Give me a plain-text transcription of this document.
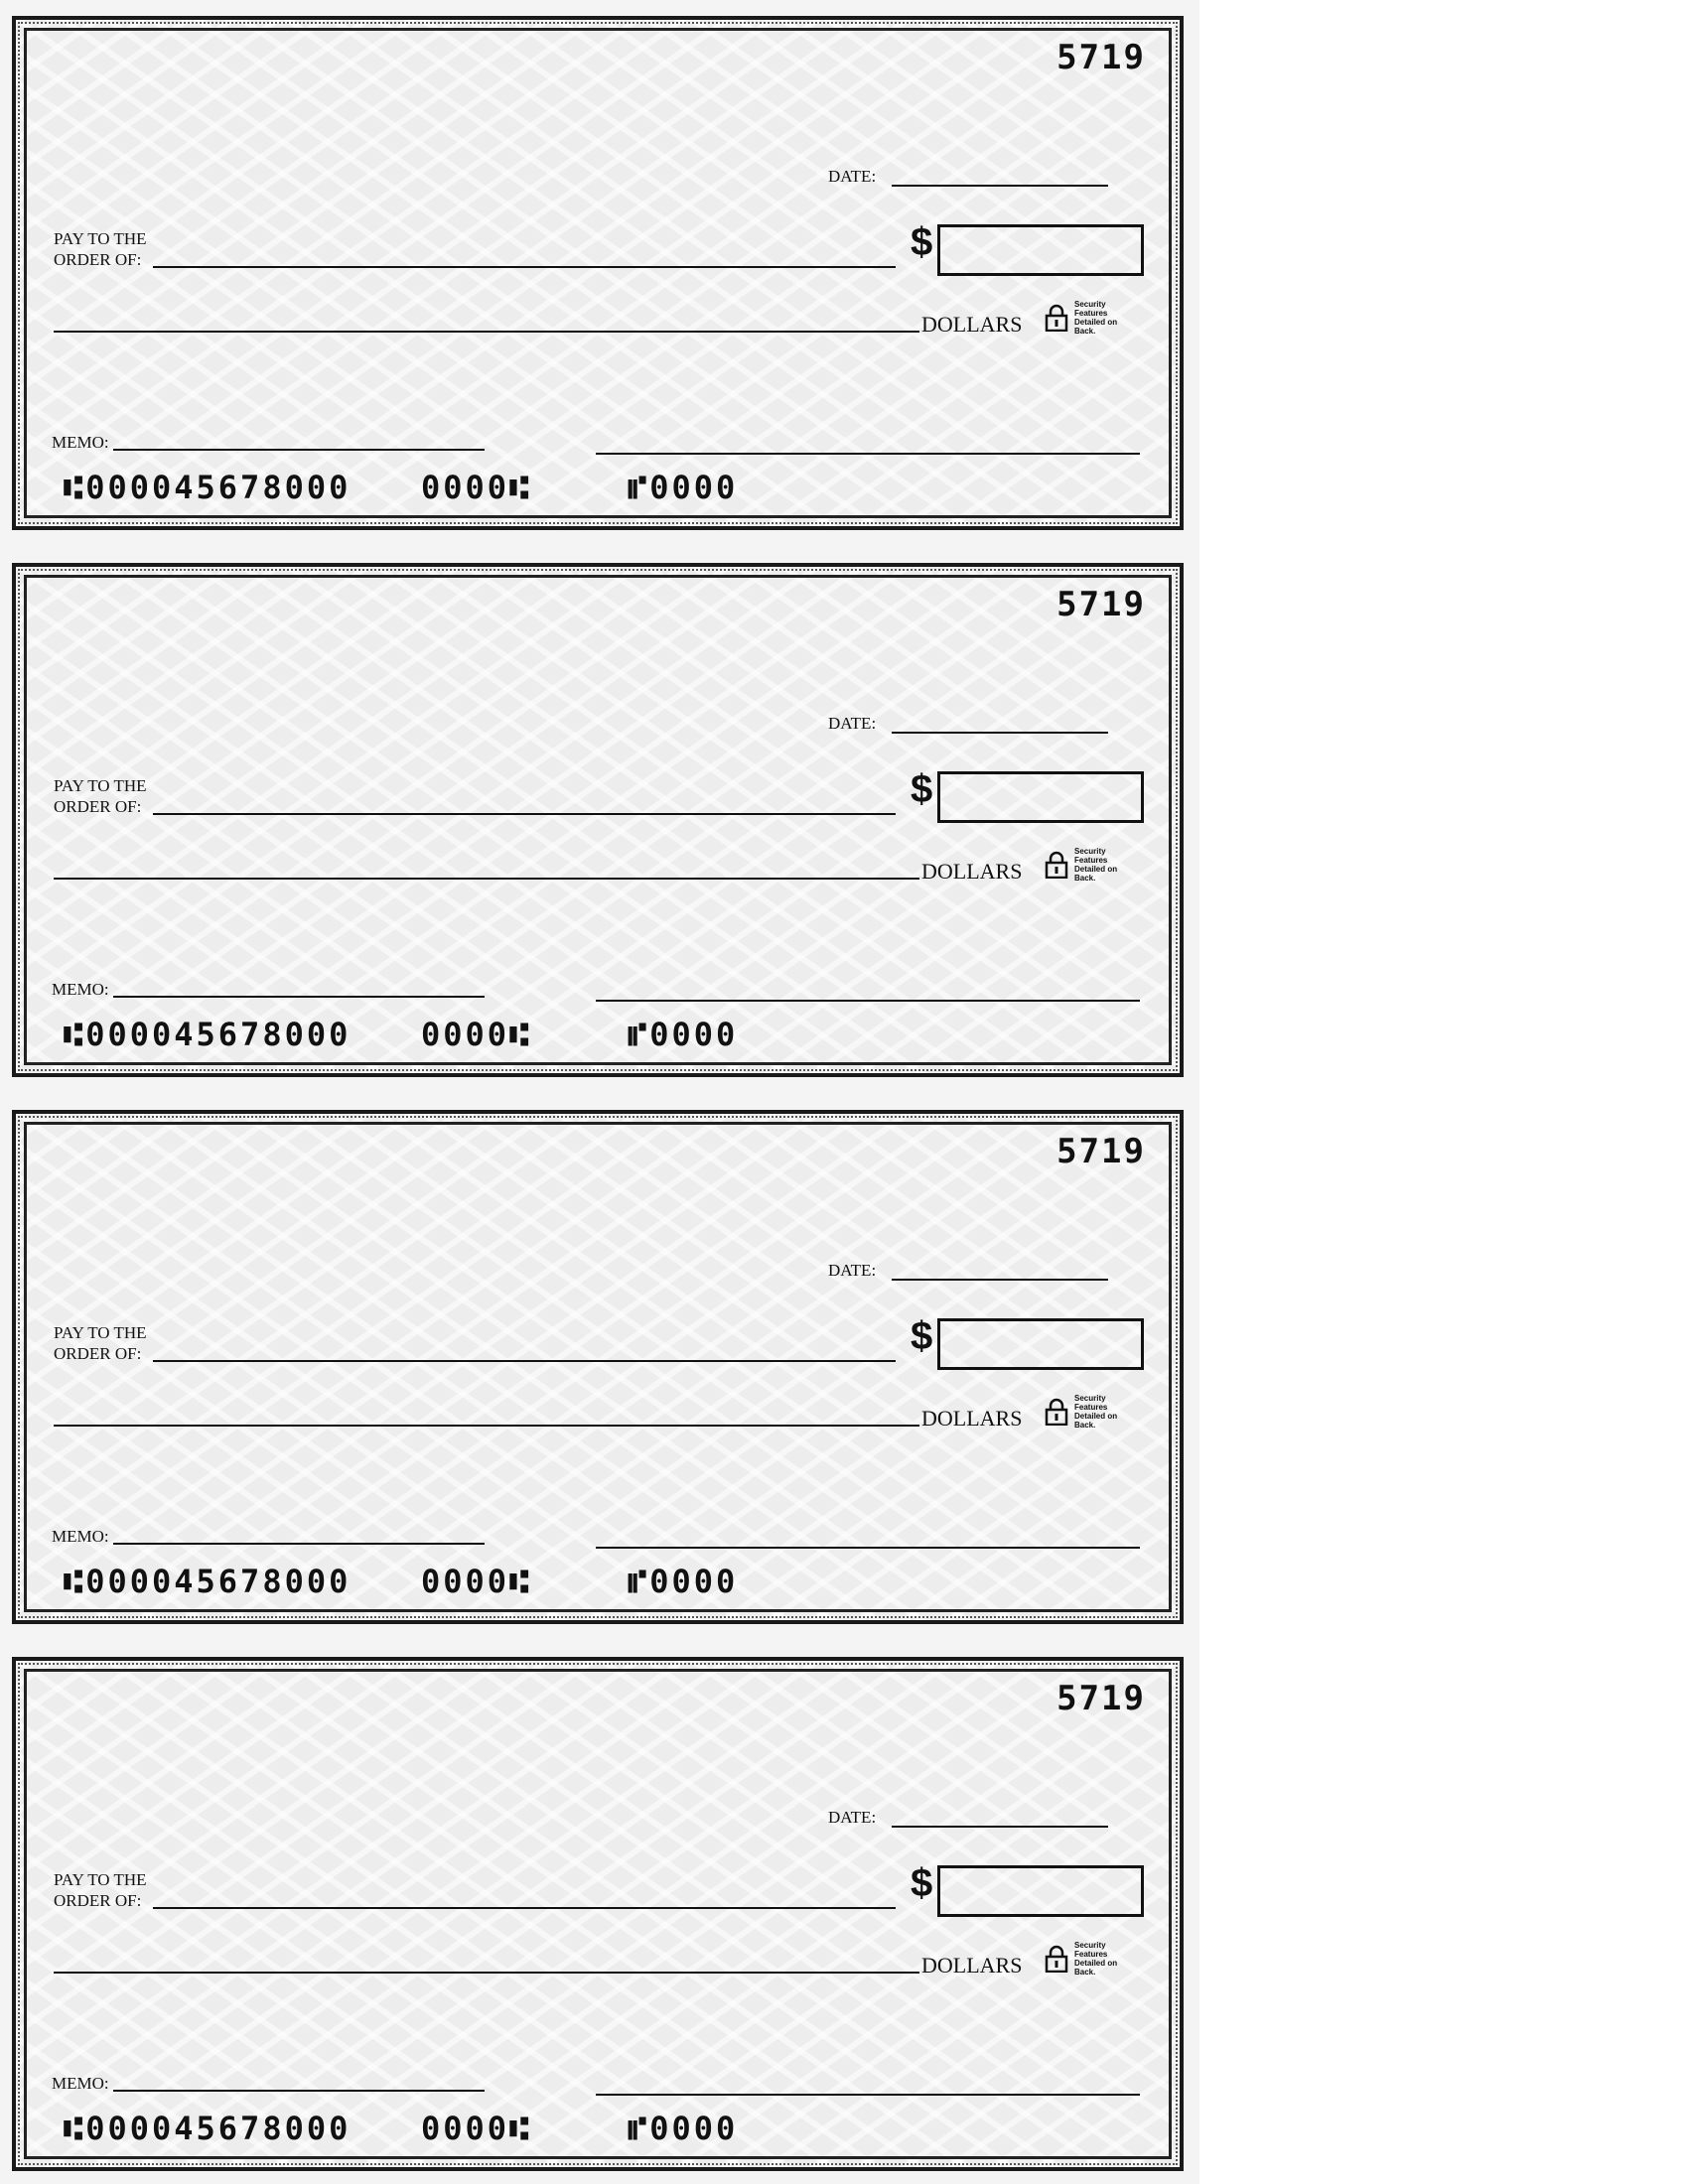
5719
DATE:
PAY TO THE
ORDER OF:	$
DOLLARS
Security Features Detailed on Back.
MEMO:
⑆000045678000 0000⑆	⑈0000
5719
DATE:
PAY TO THE
ORDER OF:	$
DOLLARS
Security Features Detailed on Back.
MEMO:
⑆000045678000 0000⑆	⑈0000
5719
DATE:
PAY TO THE
ORDER OF:	$
DOLLARS
Security Features Detailed on Back.
MEMO:
⑆000045678000 0000⑆	⑈0000
5719
DATE:
PAY TO THE
ORDER OF:	$
DOLLARS
Security Features Detailed on Back.
MEMO:
⑆000045678000 0000⑆	⑈0000
